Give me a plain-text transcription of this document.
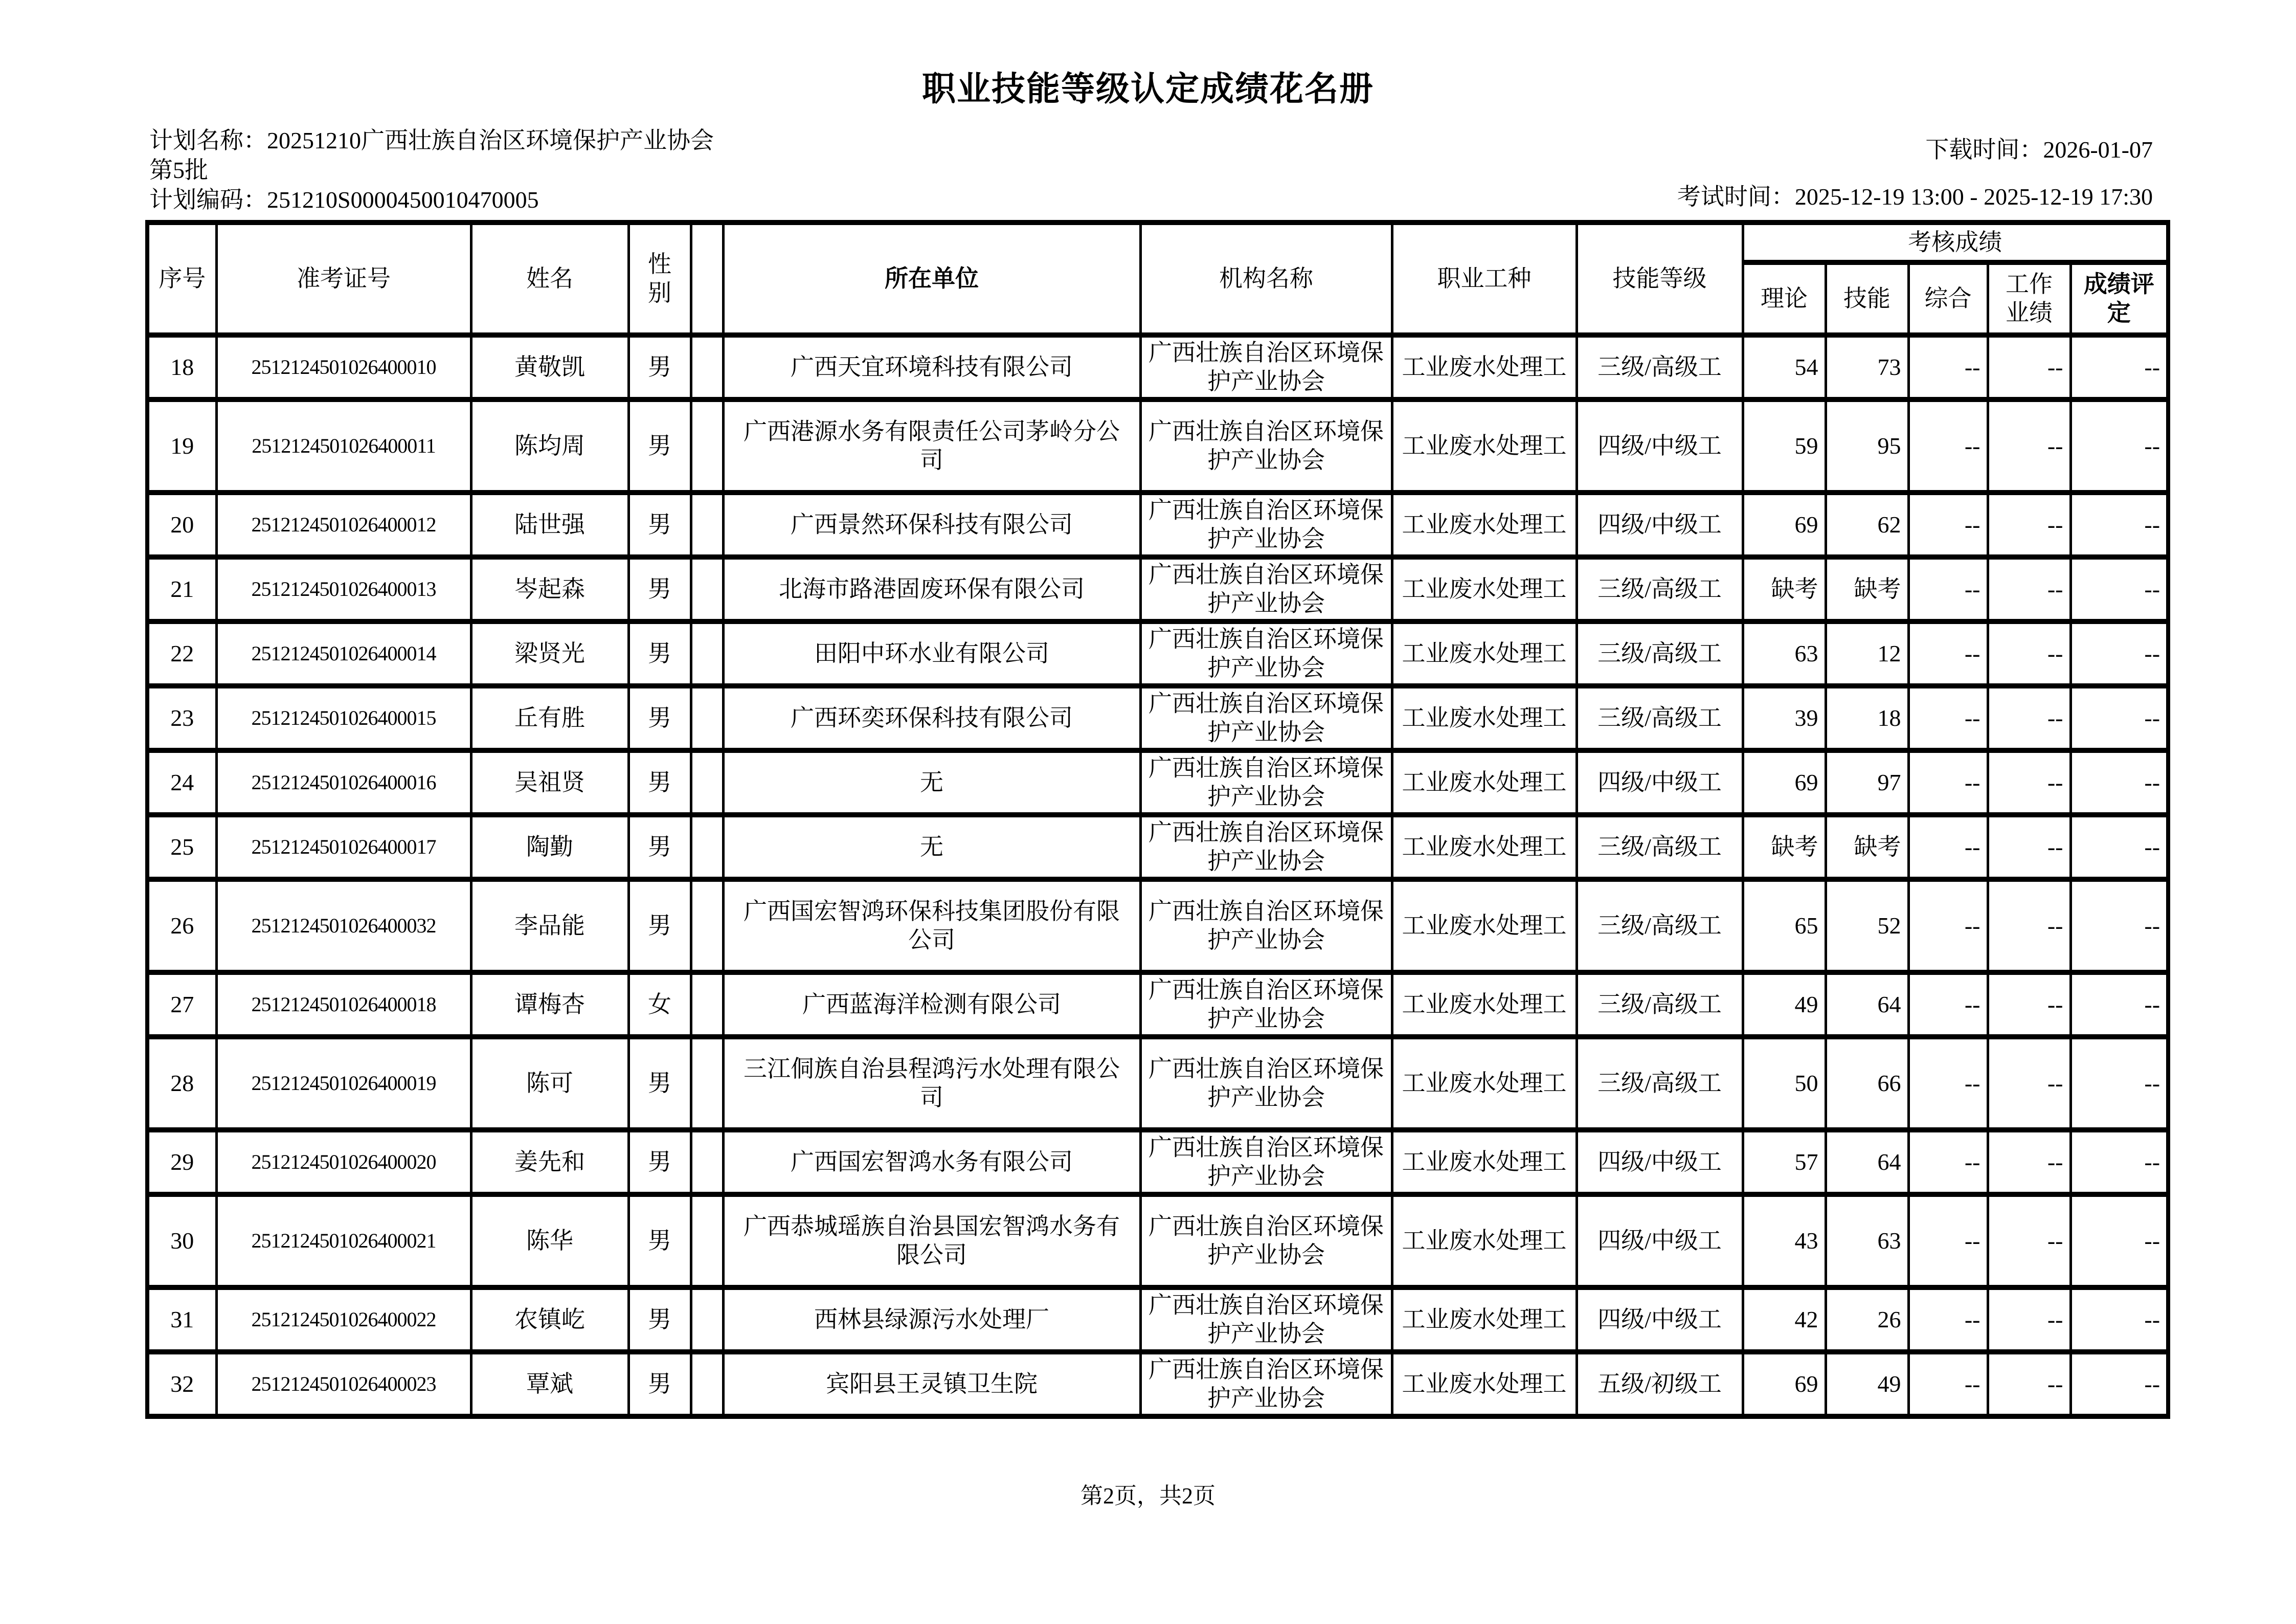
职业技能等级认定成绩花名册
计划名称：20251210广西壮族自治区环境保护产业协会第5批
计划编码：251210S0000450010470005
下载时间：2026-01-07
考试时间：2025-12-19 13:00 - 2025-12-19 17:30
序号	准考证号	姓名	性别		所在单位	机构名称	职业工种	技能等级	考核成绩				
									理论	技能	综合	工作业绩	成绩评定
18	2512124501026400010	黄敬凯	男		广西天宜环境科技有限公司	广西壮族自治区环境保护产业协会	工业废水处理工	三级/高级工	54	73	--	--	--
19	2512124501026400011	陈均周	男		广西港源水务有限责任公司茅岭分公司	广西壮族自治区环境保护产业协会	工业废水处理工	四级/中级工	59	95	--	--	--
20	2512124501026400012	陆世强	男		广西景然环保科技有限公司	广西壮族自治区环境保护产业协会	工业废水处理工	四级/中级工	69	62	--	--	--
21	2512124501026400013	岑起森	男		北海市路港固废环保有限公司	广西壮族自治区环境保护产业协会	工业废水处理工	三级/高级工	缺考	缺考	--	--	--
22	2512124501026400014	梁贤光	男		田阳中环水业有限公司	广西壮族自治区环境保护产业协会	工业废水处理工	三级/高级工	63	12	--	--	--
23	2512124501026400015	丘有胜	男		广西环奕环保科技有限公司	广西壮族自治区环境保护产业协会	工业废水处理工	三级/高级工	39	18	--	--	--
24	2512124501026400016	吴祖贤	男		无	广西壮族自治区环境保护产业协会	工业废水处理工	四级/中级工	69	97	--	--	--
25	2512124501026400017	陶勤	男		无	广西壮族自治区环境保护产业协会	工业废水处理工	三级/高级工	缺考	缺考	--	--	--
26	2512124501026400032	李品能	男		广西国宏智鸿环保科技集团股份有限公司	广西壮族自治区环境保护产业协会	工业废水处理工	三级/高级工	65	52	--	--	--
27	2512124501026400018	谭梅杏	女		广西蓝海洋检测有限公司	广西壮族自治区环境保护产业协会	工业废水处理工	三级/高级工	49	64	--	--	--
28	2512124501026400019	陈可	男		三江侗族自治县程鸿污水处理有限公司	广西壮族自治区环境保护产业协会	工业废水处理工	三级/高级工	50	66	--	--	--
29	2512124501026400020	姜先和	男		广西国宏智鸿水务有限公司	广西壮族自治区环境保护产业协会	工业废水处理工	四级/中级工	57	64	--	--	--
30	2512124501026400021	陈华	男		广西恭城瑶族自治县国宏智鸿水务有限公司	广西壮族自治区环境保护产业协会	工业废水处理工	四级/中级工	43	63	--	--	--
31	2512124501026400022	农镇屹	男		西林县绿源污水处理厂	广西壮族自治区环境保护产业协会	工业废水处理工	四级/中级工	42	26	--	--	--
32	2512124501026400023	覃斌	男		宾阳县王灵镇卫生院	广西壮族自治区环境保护产业协会	工业废水处理工	五级/初级工	69	49	--	--	--
第2页，共2页
